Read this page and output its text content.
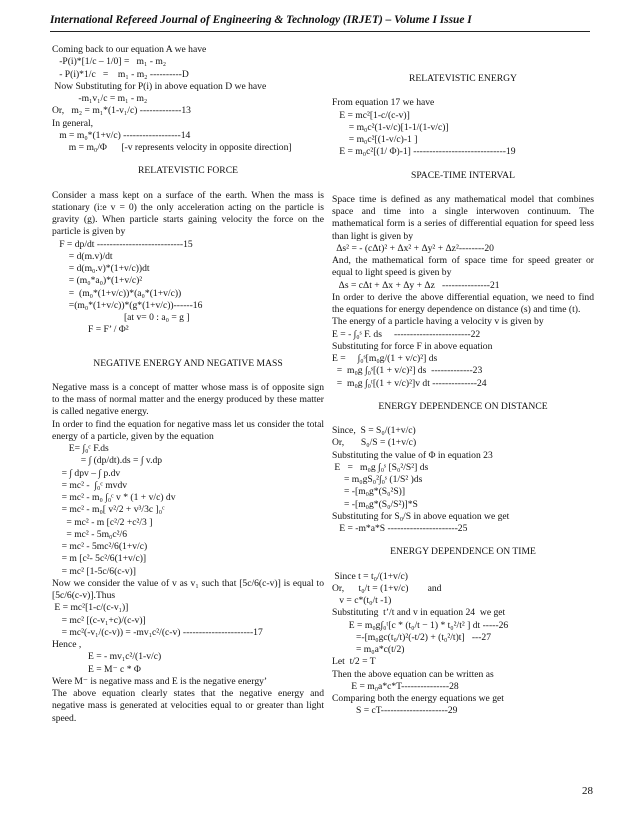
International Refereed Journal of Engineering & Technology (IRJET) – Volume I Issue I
Coming back to our equation A we have
-P(i)*[1/c – 1/0] =   m₁ - m₂
- P(i)*1/c   =    m₁ - m₂ ----------D
Now Substituting for P(i) in above equation D we have
-m₁v₁/c = m₁ - m₂
Or,   m₂ = m₁*(1-v₁/c) -------------13
In general,
m = m₀*(1+v/c) ------------------14
m = m₀/Φ      [-v represents velocity in opposite direction]
RELATEVISTIC FORCE
Consider a mass kept on a surface of the earth. When the mass is stationary (i:e v = 0) the only acceleration acting on the particle is gravity (g). When particle starts gaining velocity the force on the particle is given by
F = dp/dt ---------------------------15
= d(m.v)/dt
= d(m₀.v)*(1+v/c))dt
= (m₀*a₀)*(1+v/c)²
=  (m₀*(1+v/c))*(a₀*(1+v/c))
=(m₀*(1+v/c))*(g*(1+v/c))------16
[at v= 0 : a₀ = g ]
F = F’ / Φ²
NEGATIVE ENERGY AND NEGATIVE MASS
Negative mass is a concept of matter whose mass is of opposite sign to the mass of normal matter and the energy produced by these matter is called negative energy.
In order to find the equation for negative mass let us consider the total energy of a particle, given by the equation
E= ∫₀ᶜ F.ds
= ∫ (dp/dt).ds = ∫ v.dp
= ∫ dpv – ∫ p.dv
= mc² -  ∫₀ᶜ mvdv
= mc² - m₀ ∫₀ᶜ v * (1 + v/c) dv
= mc² - m₀[ v²/2 + v³/3c ]₀ᶜ
= mc² - m [c²/2 +c²/3 ]
= mc² - 5m₀c²/6
= mc² - 5mc²/6(1+v/c)
= m [c²- 5c²/6(1+v/c)]
= mc² [1-5c/6(c-v)]
Now we consider the value of v as v₁ such that [5c/6(c-v)] is equal to [5c/6(c-v)].Thus
E = mc²[1-c/(c-v₁)]
= mc² [(c-v₁+c)/(c-v)]
= mc²(-v₁/(c-v)) = -mv₁c²/(c-v) ----------------------17
Hence ,
E = - mv₁c²/(1-v/c)
E = M⁻ c * Φ
Were M⁻ is negative mass and E is the negative energy’
The above equation clearly states that the negative energy and negative mass is generated at velocities equal to or greater than light speed.
RELATEVISTIC ENERGY
From equation 17 we have
E = mc²[1-c/(c-v)]
= m₀c²(1-v/c)[1-1/(1-v/c)]
= m₀c²[(1-v/c)-1 ]
E = m₀c²[(1/ Φ)-1] -----------------------------19
SPACE-TIME INTERVAL
Space time is defined as any mathematical model that combines space and time into a single interwoven continuum. The mathematical form is a series of differential equation for speed less than light is given by
Δs² = - (cΔt)² + Δx² + Δy² + Δz²--------20
And, the mathematical form of space time for speed greater or equal to light speed is given by
Δs = cΔt + Δx + Δy + Δz   ---------------21
In order to derive the above differential equation, we need to find the equations for energy dependence on distance (s) and time (t).
The energy of a particle having a velocity v is given by
E = - ∫₀ˢ F. ds     ------------------------22
Substituting for force F in above equation
E =     ∫₀ˢ[m₀g/(1 + v/c)²] ds
=  m₀g ∫₀ˢ[(1 + v/c)²] ds  -------------23
=  m₀g ∫₀ᵗ[(1 + v/c)²]v dt --------------24
ENERGY DEPENDENCE ON DISTANCE
Since,  S = S₀/(1+v/c)
Or,       S₀/S = (1+v/c)
Substituting the value of Φ in equation 23
E   =   m₀g ∫₀ˢ [S₀²/S²] ds
= m₀gS₀²∫₀ˢ (1/S² )ds
= -[m₀g*(S₀²S)]
= -[m₀g*(S₀/S²)]*S
Substituting for S₀/S in above equation we get
E = -m*a*S ----------------------25
ENERGY DEPENDENCE ON TIME
Since t = t₀/(1+v/c)
Or,      t₀/t = (1+v/c)        and
v = c*(t₀/t -1)
Substituting  t’/t and v in equation 24  we get
E = m₀g∫₀ᵗ[c * (t₀/t − 1) * t₀²/t² ] dt -----26
=-[m₀gc(t₀/t)²(-t/2) + (t₀²/t)t]   ---27
= m₀a*c(t/2)
Let  t/2 = T
Then the above equation can be written as
E = m₀a*c*T---------------28
Comparing both the energy equations we get
S = cT---------------------29
28
